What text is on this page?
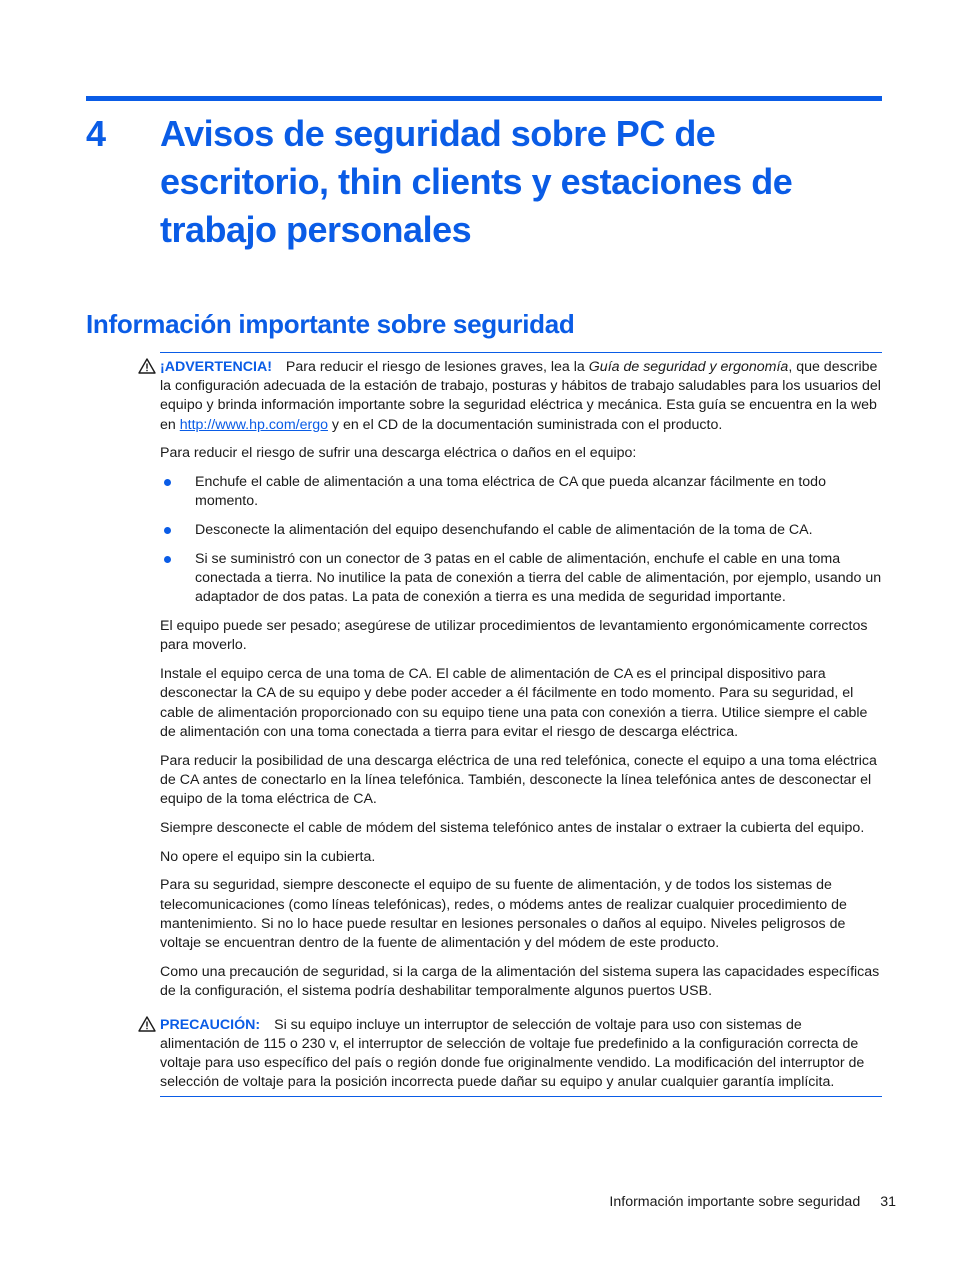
4 Avisos de seguridad sobre PC de escritorio, thin clients y estaciones de trabajo personales
Información importante sobre seguridad

¡ADVERTENCIA! Para reducir el riesgo de lesiones graves, lea la Guía de seguridad y ergonomía, que describe la configuración adecuada de la estación de trabajo, posturas y hábitos de trabajo saludables para los usuarios del equipo y brinda información importante sobre la seguridad eléctrica y mecánica. Esta guía se encuentra en la web en http://www.hp.com/ergo y en el CD de la documentación suministrada con el producto.

Para reducir el riesgo de sufrir una descarga eléctrica o daños en el equipo:

Enchufe el cable de alimentación a una toma eléctrica de CA que pueda alcanzar fácilmente en todo momento.
Desconecte la alimentación del equipo desenchufando el cable de alimentación de la toma de CA.
Si se suministró con un conector de 3 patas en el cable de alimentación, enchufe el cable en una toma conectada a tierra. No inutilice la pata de conexión a tierra del cable de alimentación, por ejemplo, usando un adaptador de dos patas. La pata de conexión a tierra es una medida de seguridad importante.

El equipo puede ser pesado; asegúrese de utilizar procedimientos de levantamiento ergonómicamente correctos para moverlo.

Instale el equipo cerca de una toma de CA. El cable de alimentación de CA es el principal dispositivo para desconectar la CA de su equipo y debe poder acceder a él fácilmente en todo momento. Para su seguridad, el cable de alimentación proporcionado con su equipo tiene una pata con conexión a tierra. Utilice siempre el cable de alimentación con una toma conectada a tierra para evitar el riesgo de descarga eléctrica.

Para reducir la posibilidad de una descarga eléctrica de una red telefónica, conecte el equipo a una toma eléctrica de CA antes de conectarlo en la línea telefónica. También, desconecte la línea telefónica antes de desconectar el equipo de la toma eléctrica de CA.

Siempre desconecte el cable de módem del sistema telefónico antes de instalar o extraer la cubierta del equipo.

No opere el equipo sin la cubierta.

Para su seguridad, siempre desconecte el equipo de su fuente de alimentación, y de todos los sistemas de telecomunicaciones (como líneas telefónicas), redes, o módems antes de realizar cualquier procedimiento de mantenimiento. Si no lo hace puede resultar en lesiones personales o daños al equipo. Niveles peligrosos de voltaje se encuentran dentro de la fuente de alimentación y del módem de este producto.

Como una precaución de seguridad, si la carga de la alimentación del sistema supera las capacidades específicas de la configuración, el sistema podría deshabilitar temporalmente algunos puertos USB.

PRECAUCIÓN: Si su equipo incluye un interruptor de selección de voltaje para uso con sistemas de alimentación de 115 o 230 v, el interruptor de selección de voltaje fue predefinido a la configuración correcta de voltaje para uso específico del país o región donde fue originalmente vendido. La modificación del interruptor de selección de voltaje para la posición incorrecta puede dañar su equipo y anular cualquier garantía implícita.

Información importante sobre seguridad 31
